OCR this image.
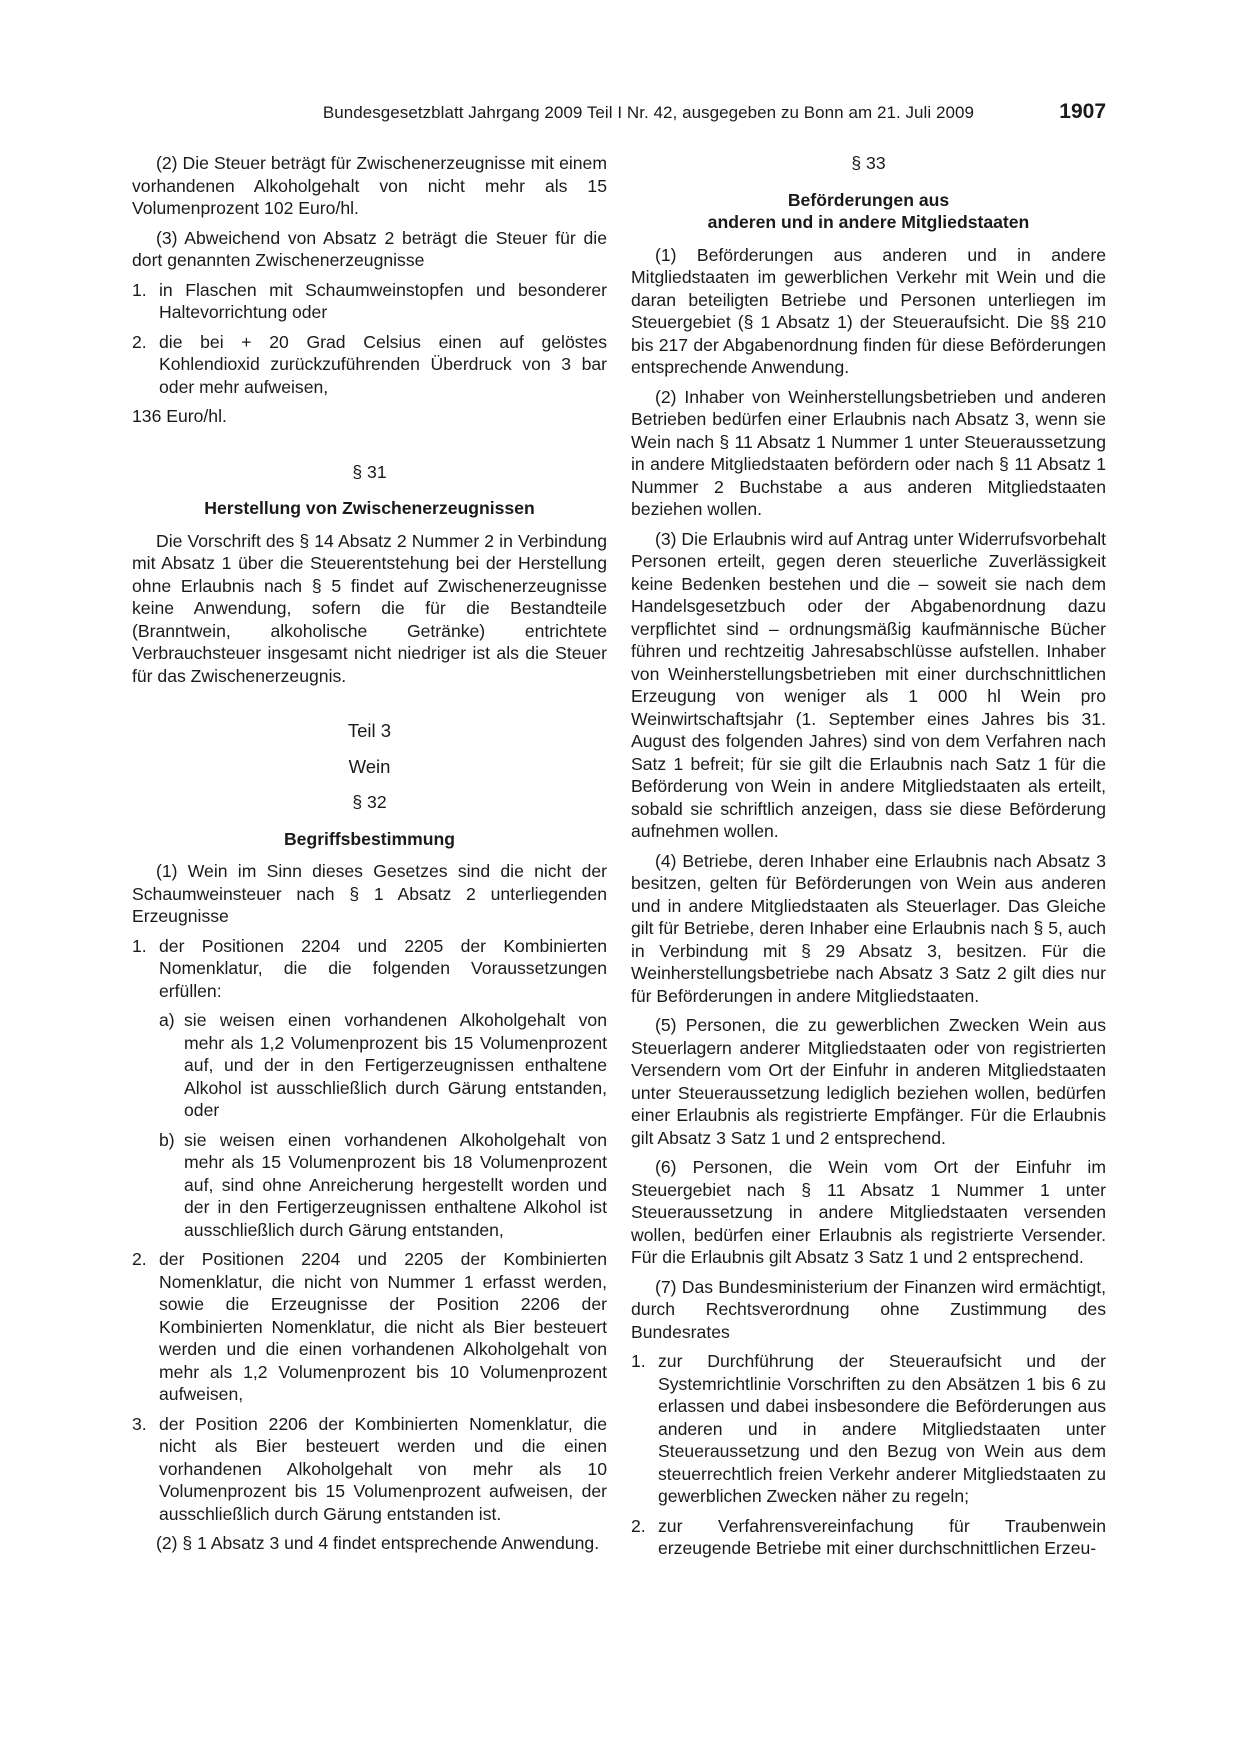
Bundesgesetzblatt Jahrgang 2009 Teil I Nr. 42, ausgegeben zu Bonn am 21. Juli 2009	1907

(2) Die Steuer beträgt für Zwischenerzeugnisse mit einem vorhandenen Alkoholgehalt von nicht mehr als 15 Volumenprozent 102 Euro/hl.

(3) Abweichend von Absatz 2 beträgt die Steuer für die dort genannten Zwischenerzeugnisse

1. in Flaschen mit Schaumweinstopfen und besonderer Haltevorrichtung oder
2. die bei + 20 Grad Celsius einen auf gelöstes Kohlendioxid zurückzuführenden Überdruck von 3 bar oder mehr aufweisen,

136 Euro/hl.

§ 31
Herstellung von Zwischenerzeugnissen

Die Vorschrift des § 14 Absatz 2 Nummer 2 in Verbindung mit Absatz 1 über die Steuerentstehung bei der Herstellung ohne Erlaubnis nach § 5 findet auf Zwischenerzeugnisse keine Anwendung, sofern die für die Bestandteile (Branntwein, alkoholische Getränke) entrichtete Verbrauchsteuer insgesamt nicht niedriger ist als die Steuer für das Zwischenerzeugnis.

Teil 3
Wein
§ 32
Begriffsbestimmung

(1) Wein im Sinn dieses Gesetzes sind die nicht der Schaumweinsteuer nach § 1 Absatz 2 unterliegenden Erzeugnisse

1. der Positionen 2204 und 2205 der Kombinierten Nomenklatur, die die folgenden Voraussetzungen erfüllen:
a) sie weisen einen vorhandenen Alkoholgehalt von mehr als 1,2 Volumenprozent bis 15 Volumenprozent auf, und der in den Fertigerzeugnissen enthaltene Alkohol ist ausschließlich durch Gärung entstanden, oder
b) sie weisen einen vorhandenen Alkoholgehalt von mehr als 15 Volumenprozent bis 18 Volumenprozent auf, sind ohne Anreicherung hergestellt worden und der in den Fertigerzeugnissen enthaltene Alkohol ist ausschließlich durch Gärung entstanden,
2. der Positionen 2204 und 2205 der Kombinierten Nomenklatur, die nicht von Nummer 1 erfasst werden, sowie die Erzeugnisse der Position 2206 der Kombinierten Nomenklatur, die nicht als Bier besteuert werden und die einen vorhandenen Alkoholgehalt von mehr als 1,2 Volumenprozent bis 10 Volumenprozent aufweisen,
3. der Position 2206 der Kombinierten Nomenklatur, die nicht als Bier besteuert werden und die einen vorhandenen Alkoholgehalt von mehr als 10 Volumenprozent bis 15 Volumenprozent aufweisen, der ausschließlich durch Gärung entstanden ist.

(2) § 1 Absatz 3 und 4 findet entsprechende Anwendung.

§ 33
Beförderungen aus
anderen und in andere Mitgliedstaaten

(1) Beförderungen aus anderen und in andere Mitgliedstaaten im gewerblichen Verkehr mit Wein und die daran beteiligten Betriebe und Personen unterliegen im Steuergebiet (§ 1 Absatz 1) der Steueraufsicht. Die §§ 210 bis 217 der Abgabenordnung finden für diese Beförderungen entsprechende Anwendung.

(2) Inhaber von Weinherstellungsbetrieben und anderen Betrieben bedürfen einer Erlaubnis nach Absatz 3, wenn sie Wein nach § 11 Absatz 1 Nummer 1 unter Steueraussetzung in andere Mitgliedstaaten befördern oder nach § 11 Absatz 1 Nummer 2 Buchstabe a aus anderen Mitgliedstaaten beziehen wollen.

(3) Die Erlaubnis wird auf Antrag unter Widerrufsvorbehalt Personen erteilt, gegen deren steuerliche Zuverlässigkeit keine Bedenken bestehen und die – soweit sie nach dem Handelsgesetzbuch oder der Abgabenordnung dazu verpflichtet sind – ordnungsmäßig kaufmännische Bücher führen und rechtzeitig Jahresabschlüsse aufstellen. Inhaber von Weinherstellungsbetrieben mit einer durchschnittlichen Erzeugung von weniger als 1 000 hl Wein pro Weinwirtschaftsjahr (1. September eines Jahres bis 31. August des folgenden Jahres) sind von dem Verfahren nach Satz 1 befreit; für sie gilt die Erlaubnis nach Satz 1 für die Beförderung von Wein in andere Mitgliedstaaten als erteilt, sobald sie schriftlich anzeigen, dass sie diese Beförderung aufnehmen wollen.

(4) Betriebe, deren Inhaber eine Erlaubnis nach Absatz 3 besitzen, gelten für Beförderungen von Wein aus anderen und in andere Mitgliedstaaten als Steuerlager. Das Gleiche gilt für Betriebe, deren Inhaber eine Erlaubnis nach § 5, auch in Verbindung mit § 29 Absatz 3, besitzen. Für die Weinherstellungsbetriebe nach Absatz 3 Satz 2 gilt dies nur für Beförderungen in andere Mitgliedstaaten.

(5) Personen, die zu gewerblichen Zwecken Wein aus Steuerlagern anderer Mitgliedstaaten oder von registrierten Versendern vom Ort der Einfuhr in anderen Mitgliedstaaten unter Steueraussetzung lediglich beziehen wollen, bedürfen einer Erlaubnis als registrierte Empfänger. Für die Erlaubnis gilt Absatz 3 Satz 1 und 2 entsprechend.

(6) Personen, die Wein vom Ort der Einfuhr im Steuergebiet nach § 11 Absatz 1 Nummer 1 unter Steueraussetzung in andere Mitgliedstaaten versenden wollen, bedürfen einer Erlaubnis als registrierte Versender. Für die Erlaubnis gilt Absatz 3 Satz 1 und 2 entsprechend.

(7) Das Bundesministerium der Finanzen wird ermächtigt, durch Rechtsverordnung ohne Zustimmung des Bundesrates

1. zur Durchführung der Steueraufsicht und der Systemrichtlinie Vorschriften zu den Absätzen 1 bis 6 zu erlassen und dabei insbesondere die Beförderungen aus anderen und in andere Mitgliedstaaten unter Steueraussetzung und den Bezug von Wein aus dem steuerrechtlich freien Verkehr anderer Mitgliedstaaten zu gewerblichen Zwecken näher zu regeln;
2. zur Verfahrensvereinfachung für Traubenwein erzeugende Betriebe mit einer durchschnittlichen Erzeu-
